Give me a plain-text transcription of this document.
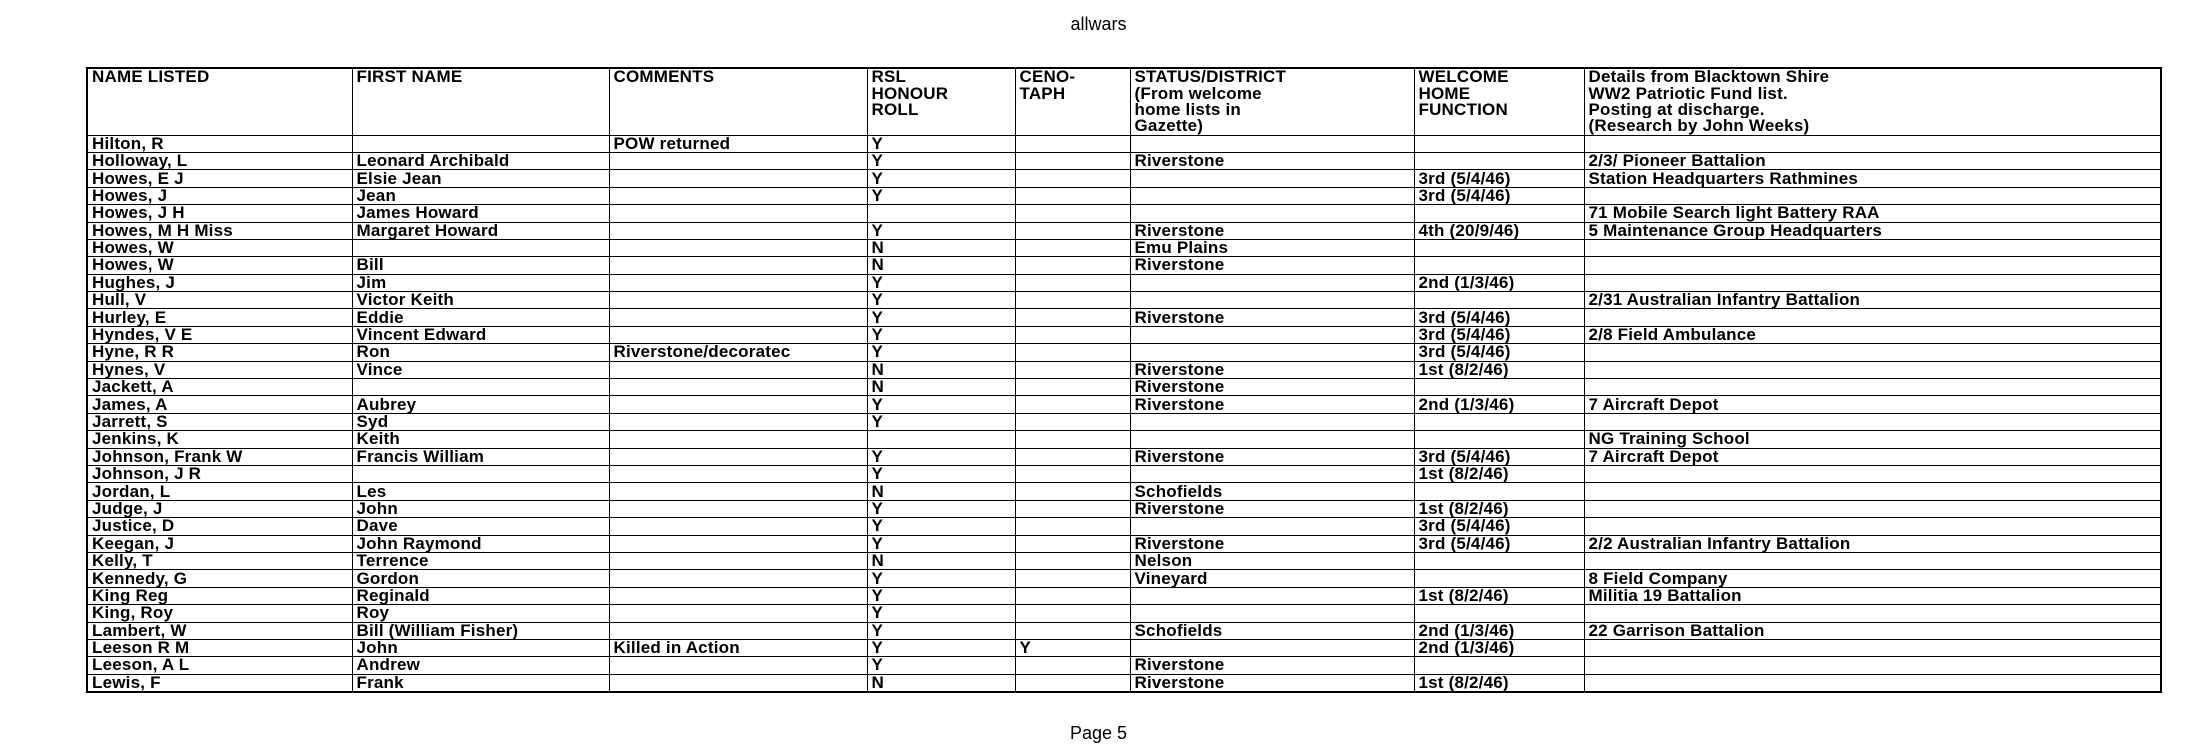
allwars
NAME LISTED	FIRST NAME	COMMENTS	RSL	CENO-	STATUS/DISTRICT	WELCOME	Details from Blacktown Shire
			HONOUR	TAPH	(From welcome	HOME	WW2 Patriotic Fund list.
			ROLL		home lists in	FUNCTION	Posting at discharge.
					Gazette)		(Research by John Weeks)
Hilton, R		POW returned	Y				
Holloway, L	Leonard Archibald		Y		Riverstone		2/3/ Pioneer Battalion
Howes, E J	Elsie Jean		Y			3rd (5/4/46)	Station Headquarters Rathmines
Howes, J	Jean		Y			3rd (5/4/46)	
Howes, J H	James Howard						71 Mobile Search light Battery RAA
Howes, M H Miss	Margaret Howard		Y		Riverstone	4th (20/9/46)	5 Maintenance Group Headquarters
Howes, W			N		Emu Plains		
Howes, W	Bill		N		Riverstone		
Hughes, J	Jim		Y			2nd (1/3/46)	
Hull, V	Victor Keith		Y				2/31 Australian Infantry Battalion
Hurley, E	Eddie		Y		Riverstone	3rd (5/4/46)	
Hyndes, V E	Vincent Edward		Y			3rd (5/4/46)	2/8 Field Ambulance
Hyne, R R	Ron	Riverstone/decoratec	Y			3rd (5/4/46)	
Hynes, V	Vince		N		Riverstone	1st (8/2/46)	
Jackett, A			N		Riverstone		
James, A	Aubrey		Y		Riverstone	2nd (1/3/46)	7 Aircraft Depot
Jarrett, S	Syd		Y				
Jenkins, K	Keith						NG Training School
Johnson, Frank W	Francis William		Y		Riverstone	3rd (5/4/46)	7 Aircraft Depot
Johnson, J R			Y			1st (8/2/46)	
Jordan, L	Les		N		Schofields		
Judge, J	John		Y		Riverstone	1st (8/2/46)	
Justice, D	Dave		Y			3rd (5/4/46)	
Keegan, J	John Raymond		Y		Riverstone	3rd (5/4/46)	2/2 Australian Infantry Battalion
Kelly, T	Terrence		N		Nelson		
Kennedy, G	Gordon		Y		Vineyard		8 Field Company
King Reg	Reginald		Y			1st (8/2/46)	Militia 19 Battalion
King, Roy	Roy		Y				
Lambert, W	Bill (William Fisher)		Y		Schofields	2nd (1/3/46)	22 Garrison Battalion
Leeson R M	John	Killed in Action	Y	Y		2nd (1/3/46)	
Leeson, A L	Andrew		Y		Riverstone		
Lewis, F	Frank		N		Riverstone	1st (8/2/46)	
Page 5
